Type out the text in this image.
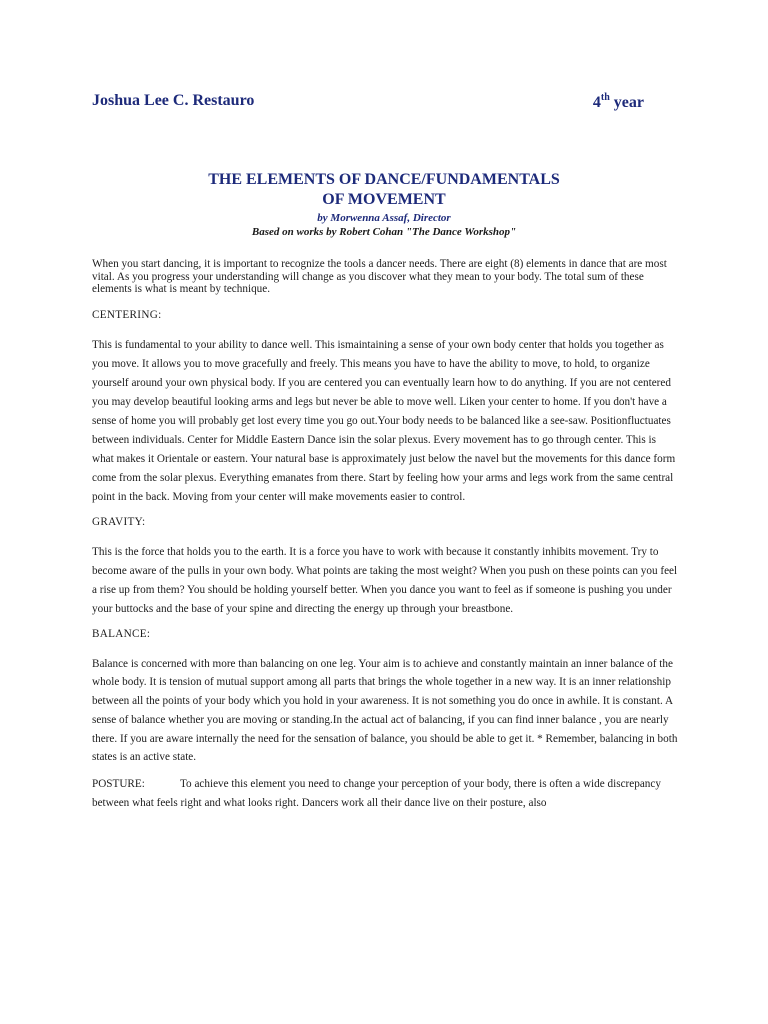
Joshua Lee C. Restauro	4th year
THE ELEMENTS OF DANCE/FUNDAMENTALS
OF MOVEMENT
by Morwenna Assaf, Director
Based on works by Robert Cohan "The Dance Workshop"

When you start dancing, it is important to recognize the tools a dancer needs. There are eight (8) elements in dance that are most vital. As you progress your understanding will change as you discover what they mean to your body. The total sum of these elements is what is meant by technique.

CENTERING:

This is fundamental to your ability to dance well. This ismaintaining a sense of your own body center that holds you together as you move. It allows you to move gracefully and freely. This means you have to have the ability to move, to hold, to organize yourself around your own physical body. If you are centered you can eventually learn how to do anything. If you are not centered you may develop beautiful looking arms and legs but never be able to move well. Liken your center to home. If you don't have a sense of home you will probably get lost every time you go out.Your body needs to be balanced like a see-saw. Positionfluctuates between individuals. Center for Middle Eastern Dance isin the solar plexus. Every movement has to go through center. This is what makes it Orientale or eastern. Your natural base is approximately just below the navel but the movements for this dance form come from the solar plexus. Everything emanates from there. Start by feeling how your arms and legs work from the same central point in the back. Moving from your center will make movements easier to control.

GRAVITY:

This is the force that holds you to the earth. It is a force you have to work with because it constantly inhibits movement. Try to become aware of the pulls in your own body. What points are taking the most weight? When you push on these points can you feel a rise up from them? You should be holding yourself better. When you dance you want to feel as if someone is pushing you under your buttocks and the base of your spine and directing the energy up through your breastbone.

BALANCE:

Balance is concerned with more than balancing on one leg. Your aim is to achieve and constantly maintain an inner balance of the whole body. It is tension of mutual support among all parts that brings the whole together in a new way. It is an inner relationship between all the points of your body which you hold in your awareness. It is not something you do once in awhile. It is constant. A sense of balance whether you are moving or standing.In the actual act of balancing, if you can find inner balance , you are nearly there. If you are aware internally the need for the sensation of balance, you should be able to get it. * Remember, balancing in both states is an active state.

POSTURE:	To achieve this element you need to change your perception of your body, there is often a wide discrepancy between what feels right and what looks right. Dancers work all their dance live on their posture, also
